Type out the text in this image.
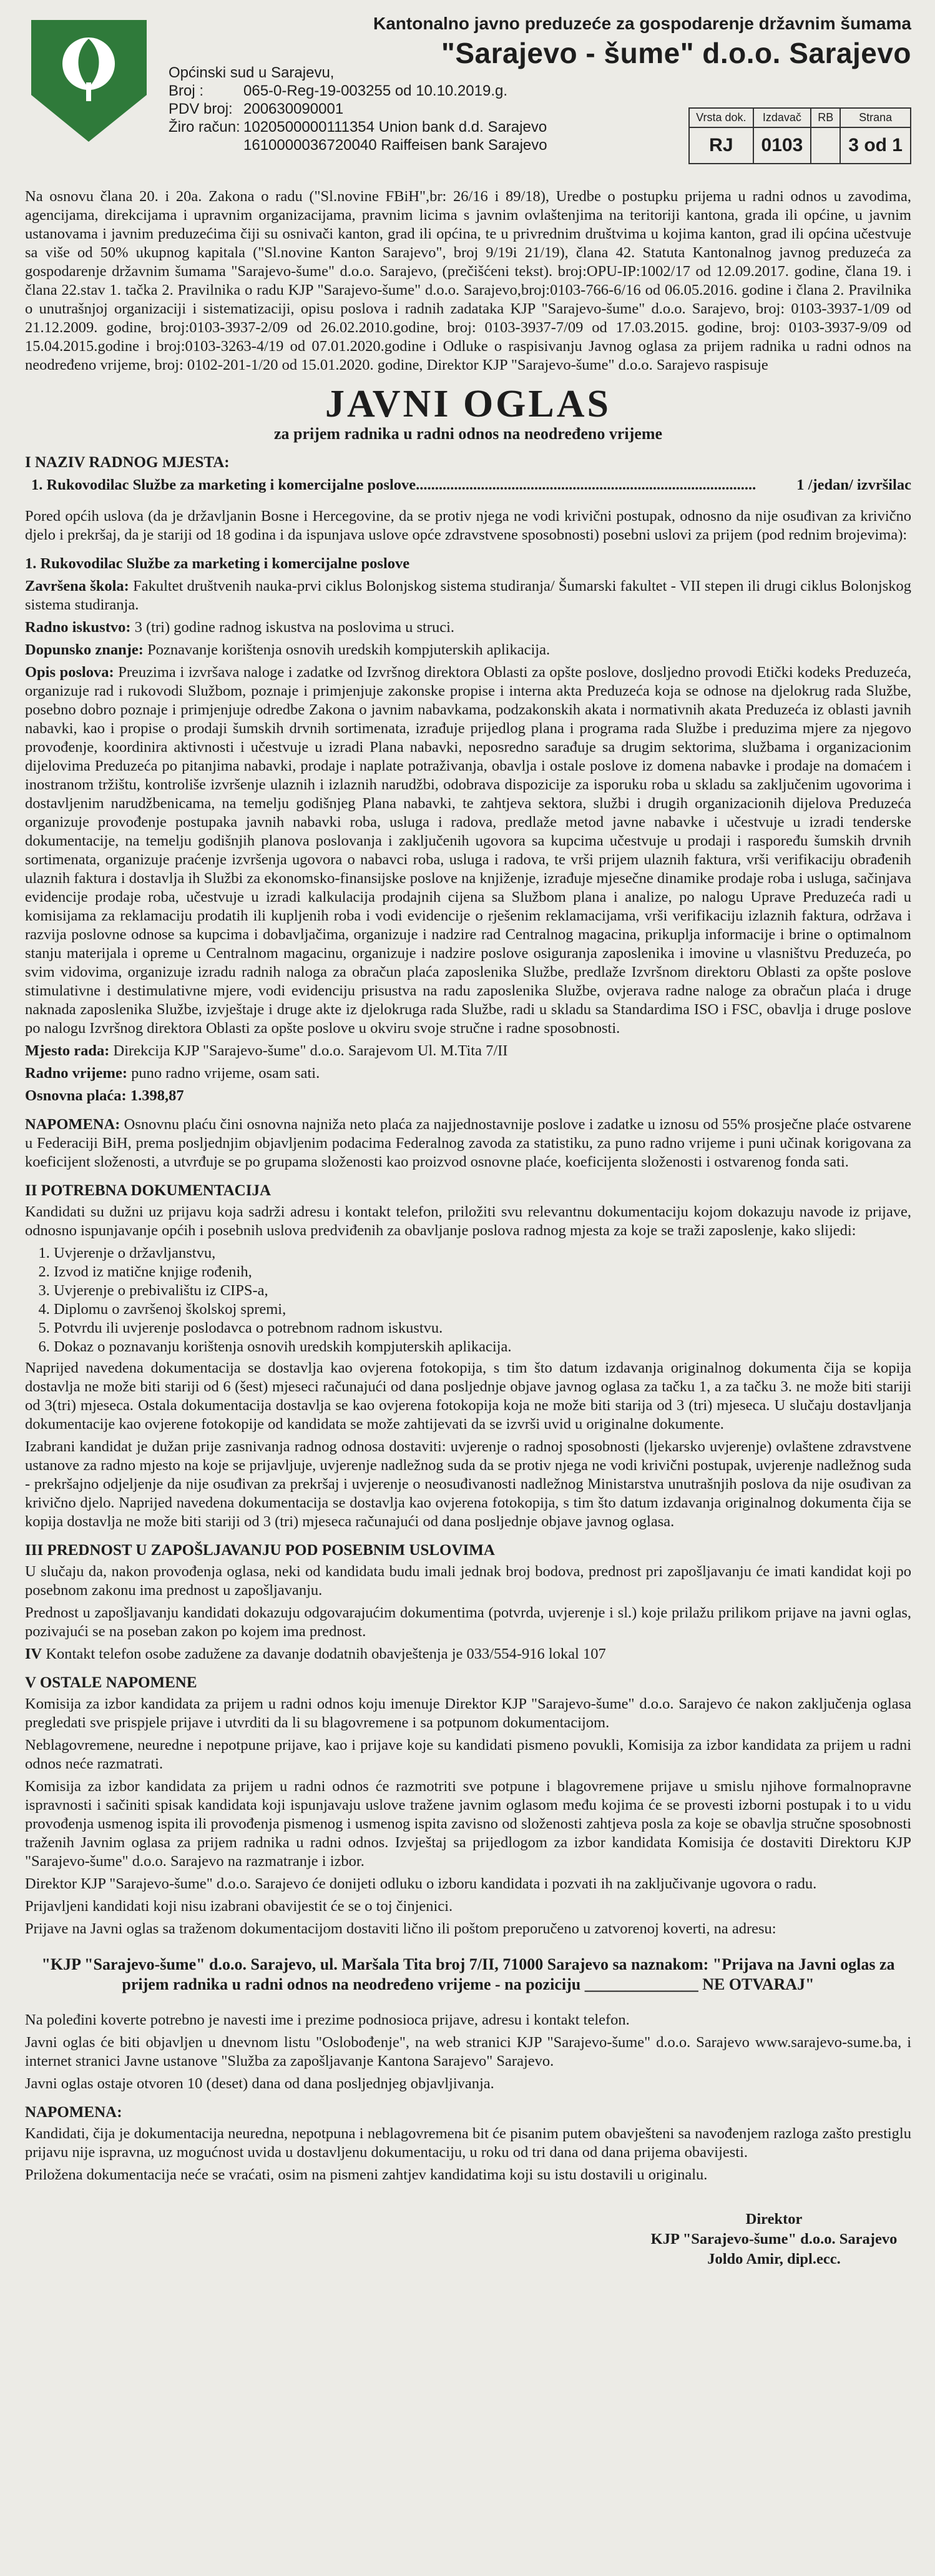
Općinski sud u Sarajevu,
Broj :	065-0-Reg-19-003255 od 10.10.2019.g.
PDV broj: 200630090001
Žiro račun: 1020500000111354 Union bank d.d. Sarajevo
1610000036720040 Raiffeisen bank Sarajevo
Kantonalno javno preduzeće za gospodarenje državnim šumama
"Sarajevo - šume" d.o.o. Sarajevo
Vrsta dok.	Izdavač	RB	Strana
RJ	0103		3 od 1

Na osnovu člana 20. i 20a. Zakona o radu ("Sl.novine FBiH",br: 26/16 i 89/18), Uredbe o postupku prijema u radni odnos u zavodima, agencijama, direkcijama i upravnim organizacijama, pravnim licima s javnim ovlaštenjima na teritoriji kantona, grada ili općine, u javnim ustanovama i javnim preduzećima čiji su osnivači kanton, grad ili općina, te u privrednim društvima u kojima kanton, grad ili općina učestvuje sa više od 50% ukupnog kapitala ("Sl.novine Kanton Sarajevo", broj 9/19i 21/19), člana 42. Statuta Kantonalnog javnog preduzeća za gospodarenje državnim šumama "Sarajevo-šume" d.o.o. Sarajevo, (prečišćeni tekst). broj:OPU-IP:1002/17 od 12.09.2017. godine, člana 19. i člana 22.stav 1. tačka 2. Pravilnika o radu KJP "Sarajevo-šume" d.o.o. Sarajevo,broj:0103-766-6/16 od 06.05.2016. godine i člana 2. Pravilnika o unutrašnjoj organizaciji i sistematizaciji, opisu poslova i radnih zadataka KJP "Sarajevo-šume" d.o.o. Sarajevo, broj: 0103-3937-1/09 od 21.12.2009. godine, broj:0103-3937-2/09 od 26.02.2010.godine, broj: 0103-3937-7/09 od 17.03.2015. godine, broj: 0103-3937-9/09 od 15.04.2015.godine i broj:0103-3263-4/19 od 07.01.2020.godine i Odluke o raspisivanju Javnog oglasa za prijem radnika u radni odnos na neodređeno vrijeme, broj: 0102-201-1/20 od 15.01.2020. godine, Direktor KJP "Sarajevo-šume" d.o.o. Sarajevo raspisuje

JAVNI OGLAS
za prijem radnika u radni odnos na neodređeno vrijeme
I NAZIV RADNOG MJESTA:
1. Rukovodilac Službe za marketing i komercijalne poslove.........................................................................................	1 /jedan/ izvršilac

Pored općih uslova (da je državljanin Bosne i Hercegovine, da se protiv njega ne vodi krivični postupak, odnosno da nije osuđivan za krivično djelo i prekršaj, da je stariji od 18 godina i da ispunjava uslove opće zdravstvene sposobnosti) posebni uslovi za prijem (pod rednim brojevima):

1. Rukovodilac Službe za marketing i komercijalne poslove

Završena škola: Fakultet društvenih nauka-prvi ciklus Bolonjskog sistema studiranja/ Šumarski fakultet - VII stepen ili drugi ciklus Bolonjskog sistema studiranja.

Radno iskustvo: 3 (tri) godine radnog iskustva na poslovima u struci.

Dopunsko znanje: Poznavanje korištenja osnovih uredskih kompjuterskih aplikacija.

Opis poslova: Preuzima i izvršava naloge i zadatke od Izvršnog direktora Oblasti za opšte poslove, dosljedno provodi Etički kodeks Preduzeća, organizuje rad i rukovodi Službom, poznaje i primjenjuje zakonske propise i interna akta Preduzeća koja se odnose na djelokrug rada Službe, posebno dobro poznaje i primjenjuje odredbe Zakona o javnim nabavkama, podzakonskih akata i normativnih akata Preduzeća iz oblasti javnih nabavki, kao i propise o prodaji šumskih drvnih sortimenata, izrađuje prijedlog plana i programa rada Službe i preduzima mjere za njegovo provođenje, koordinira aktivnosti i učestvuje u izradi Plana nabavki, neposredno sarađuje sa drugim sektorima, službama i organizacionim dijelovima Preduzeća po pitanjima nabavki, prodaje i naplate potraživanja, obavlja i ostale poslove iz domena nabavke i prodaje na domaćem i inostranom tržištu, kontroliše izvršenje ulaznih i izlaznih narudžbi, odobrava dispozicije za isporuku roba u skladu sa zaključenim ugovorima i dostavljenim narudžbenicama, na temelju godišnjeg Plana nabavki, te zahtjeva sektora, službi i drugih organizacionih dijelova Preduzeća organizuje provođenje postupaka javnih nabavki roba, usluga i radova, predlaže metod javne nabavke i učestvuje u izradi tenderske dokumentacije, na temelju godišnjih planova poslovanja i zaključenih ugovora sa kupcima učestvuje u prodaji i raspoređu šumskih drvnih sortimenata, organizuje praćenje izvršenja ugovora o nabavci roba, usluga i radova, te vrši prijem ulaznih faktura, vrši verifikaciju obrađenih ulaznih faktura i dostavlja ih Službi za ekonomsko-finansijske poslove na knjiženje, izrađuje mjesečne dinamike prodaje roba i usluga, sačinjava evidencije prodaje roba, učestvuje u izradi kalkulacija prodajnih cijena sa Službom plana i analize, po nalogu Uprave Preduzeća radi u komisijama za reklamaciju prodatih ili kupljenih roba i vodi evidencije o rješenim reklamacijama, vrši verifikaciju izlaznih faktura, održava i razvija poslovne odnose sa kupcima i dobavljačima, organizuje i nadzire rad Centralnog magacina, prikuplja informacije i brine o optimalnom stanju materijala i opreme u Centralnom magacinu, organizuje i nadzire poslove osiguranja zaposlenika i imovine u vlasništvu Preduzeća, po svim vidovima, organizuje izradu radnih naloga za obračun plaća zaposlenika Službe, predlaže Izvršnom direktoru Oblasti za opšte poslove stimulativne i destimulativne mjere, vodi evidenciju prisustva na radu zaposlenika Službe, ovjerava radne naloge za obračun plaća i druge naknada zaposlenika Službe, izvještaje i druge akte iz djelokruga rada Službe, radi u skladu sa Standardima ISO i FSC, obavlja i druge poslove po nalogu Izvršnog direktora Oblasti za opšte poslove u okviru svoje stručne i radne sposobnosti.

Mjesto rada: Direkcija KJP "Sarajevo-šume" d.o.o. Sarajevom Ul. M.Tita 7/II

Radno vrijeme: puno radno vrijeme, osam sati.

Osnovna plaća: 1.398,87

NAPOMENA: Osnovnu plaću čini osnovna najniža neto plaća za najjednostavnije poslove i zadatke u iznosu od 55% prosječne plaće ostvarene u Federaciji BiH, prema posljednjim objavljenim podacima Federalnog zavoda za statistiku, za puno radno vrijeme i puni učinak korigovana za koeficijent složenosti, a utvrđuje se po grupama složenosti kao proizvod osnovne plaće, koeficijenta složenosti i ostvarenog fonda sati.

II POTREBNA DOKUMENTACIJA

Kandidati su dužni uz prijavu koja sadrži adresu i kontakt telefon, priložiti svu relevantnu dokumentaciju kojom dokazuju navode iz prijave, odnosno ispunjavanje općih i posebnih uslova predviđenih za obavljanje poslova radnog mjesta za koje se traži zaposlenje, kako slijedi:

1. Uvjerenje o državljanstvu,
2. Izvod iz matične knjige rođenih,
3. Uvjerenje o prebivalištu iz CIPS-a,
4. Diplomu o završenoj školskoj spremi,
5. Potvrdu ili uvjerenje poslodavca o potrebnom radnom iskustvu.
6. Dokaz o poznavanju korištenja osnovih uredskih kompjuterskih aplikacija.

Naprijed navedena dokumentacija se dostavlja kao ovjerena fotokopija, s tim što datum izdavanja originalnog dokumenta čija se kopija dostavlja ne može biti stariji od 6 (šest) mjeseci računajući od dana posljednje objave javnog oglasa za tačku 1, a za tačku 3. ne može biti stariji od 3(tri) mjeseca. Ostala dokumentacija dostavlja se kao ovjerena fotokopija koja ne može biti starija od 3 (tri) mjeseca. U slučaju dostavljanja dokumentacije kao ovjerene fotokopije od kandidata se može zahtijevati da se izvrši uvid u originalne dokumente.

Izabrani kandidat je dužan prije zasnivanja radnog odnosa dostaviti: uvjerenje o radnoj sposobnosti (ljekarsko uvjerenje) ovlaštene zdravstvene ustanove za radno mjesto na koje se prijavljuje, uvjerenje nadležnog suda da se protiv njega ne vodi krivični postupak, uvjerenje nadležnog suda - prekršajno odjeljenje da nije osuđivan za prekršaj i uvjerenje o neosuđivanosti nadležnog Ministarstva unutrašnjih poslova da nije osuđivan za krivično djelo. Naprijed navedena dokumentacija se dostavlja kao ovjerena fotokopija, s tim što datum izdavanja originalnog dokumenta čija se kopija dostavlja ne može biti stariji od 3 (tri) mjeseca računajući od dana posljednje objave javnog oglasa.

III PREDNOST U ZAPOŠLJAVANJU POD POSEBNIM USLOVIMA

U slučaju da, nakon provođenja oglasa, neki od kandidata budu imali jednak broj bodova, prednost pri zapošljavanju će imati kandidat koji po posebnom zakonu ima prednost u zapošljavanju.

Prednost u zapošljavanju kandidati dokazuju odgovarajućim dokumentima (potvrda, uvjerenje i sl.) koje prilažu prilikom prijave na javni oglas, pozivajući se na poseban zakon po kojem ima prednost.

IV Kontakt telefon osobe zadužene za davanje dodatnih obavještenja je 033/554-916 lokal 107

V OSTALE NAPOMENE

Komisija za izbor kandidata za prijem u radni odnos koju imenuje Direktor KJP "Sarajevo-šume" d.o.o. Sarajevo će nakon zaključenja oglasa pregledati sve prispjele prijave i utvrditi da li su blagovremene i sa potpunom dokumentacijom.

Neblagovremene, neuredne i nepotpune prijave, kao i prijave koje su kandidati pismeno povukli, Komisija za izbor kandidata za prijem u radni odnos neće razmatrati.

Komisija za izbor kandidata za prijem u radni odnos će razmotriti sve potpune i blagovremene prijave u smislu njihove formalnopravne ispravnosti i sačiniti spisak kandidata koji ispunjavaju uslove tražene javnim oglasom među kojima će se provesti izborni postupak i to u vidu provođenja usmenog ispita ili provođenja pismenog i usmenog ispita zavisno od složenosti zahtjeva posla za koje se obavlja stručne sposobnosti traženih Javnim oglasa za prijem radnika u radni odnos. Izvještaj sa prijedlogom za izbor kandidata Komisija će dostaviti Direktoru KJP "Sarajevo-šume" d.o.o. Sarajevo na razmatranje i izbor.

Direktor KJP "Sarajevo-šume" d.o.o. Sarajevo će donijeti odluku o izboru kandidata i pozvati ih na zaključivanje ugovora o radu.

Prijavljeni kandidati koji nisu izabrani obavijestit će se o toj činjenici.

Prijave na Javni oglas sa traženom dokumentacijom dostaviti lično ili poštom preporučeno u zatvorenoj koverti, na adresu:

"KJP "Sarajevo-šume" d.o.o. Sarajevo, ul. Maršala Tita broj 7/II, 71000 Sarajevo sa naznakom: "Prijava na Javni oglas za prijem radnika u radni odnos na neodređeno vrijeme - na poziciju ______________ NE OTVARAJ"

Na poleđini koverte potrebno je navesti ime i prezime podnosioca prijave, adresu i kontakt telefon.

Javni oglas će biti objavljen u dnevnom listu "Oslobođenje", na web stranici KJP "Sarajevo-šume" d.o.o. Sarajevo www.sarajevo-sume.ba, i internet stranici Javne ustanove "Služba za zapošljavanje Kantona Sarajevo" Sarajevo.

Javni oglas ostaje otvoren 10 (deset) dana od dana posljednjeg objavljivanja.

NAPOMENA:

Kandidati, čija je dokumentacija neuredna, nepotpuna i neblagovremena bit će pisanim putem obavješteni sa navođenjem razloga zašto prestiglu prijavu nije ispravna, uz mogućnost uvida u dostavljenu dokumentaciju, u roku od tri dana od dana prijema obavijesti.

Priložena dokumentacija neće se vraćati, osim na pismeni zahtjev kandidatima koji su istu dostavili u originalu.

Direktor
KJP "Sarajevo-šume" d.o.o. Sarajevo
Joldo Amir, dipl.ecc.
